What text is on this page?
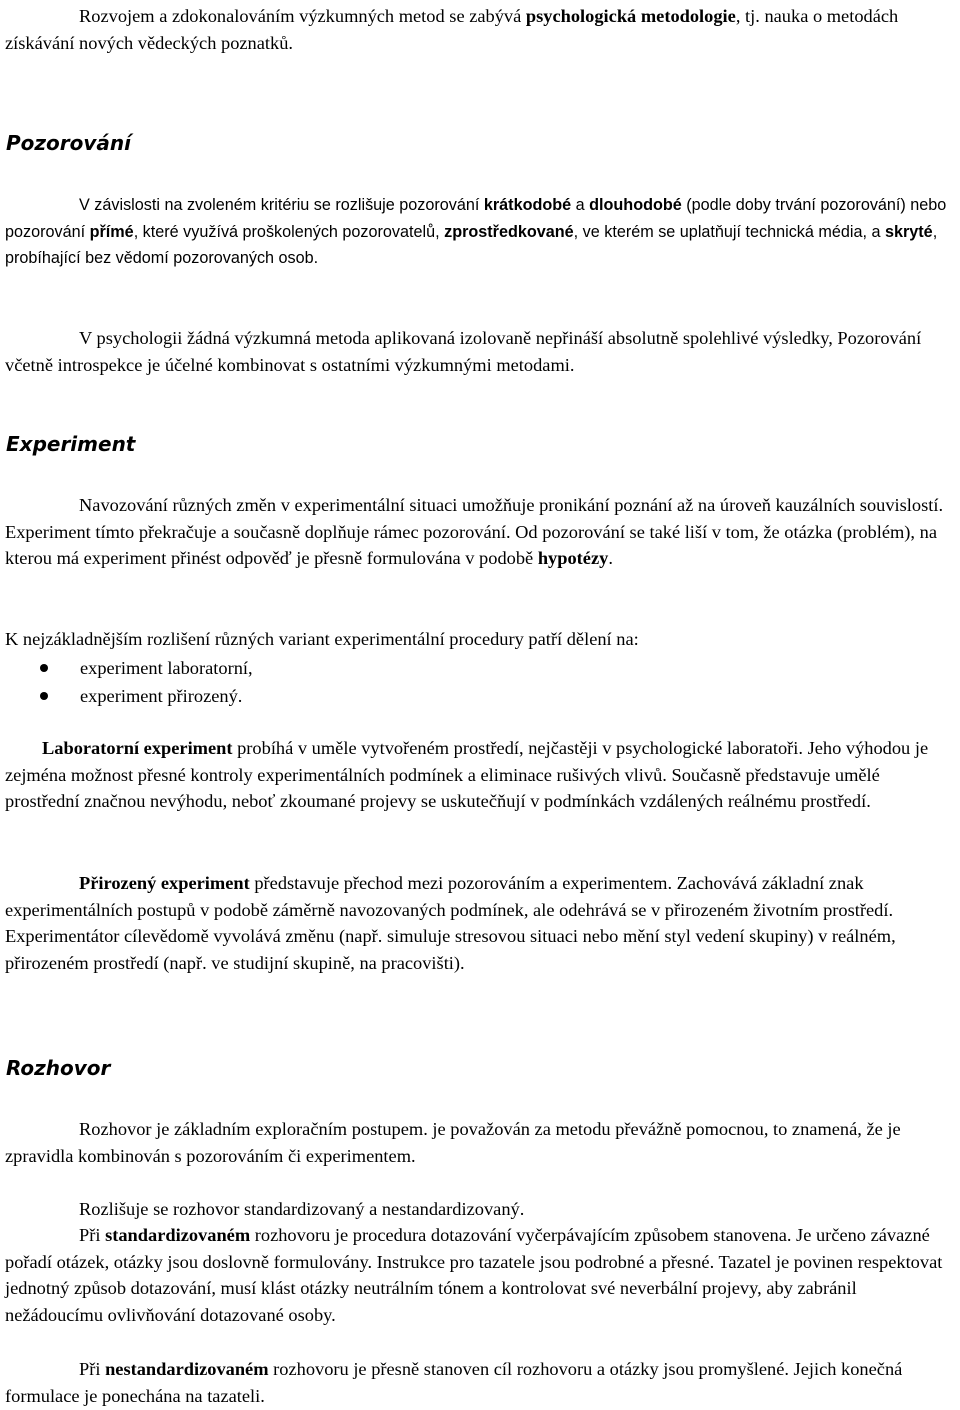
Rozvojem a zdokonalováním výzkumných metod se zabývá psychologická metodologie, tj. nauka o metodách získávání nových vědeckých poznatků.

Pozorování

V závislosti na zvoleném kritériu se rozlišuje pozorování krátkodobé a dlouhodobé (podle doby trvání pozorování) nebo pozorování přímé, které využívá proškolených pozorovatelů, zprostředkované, ve kterém se uplatňují technická média, a skryté, probíhající bez vědomí pozorovaných osob.

V psychologii žádná výzkumná metoda aplikovaná izolovaně nepřináší absolutně spolehlivé výsledky, Pozorování včetně introspekce je účelné kombinovat s ostatními výzkumnými metodami.

Experiment

Navozování různých změn v experimentální situaci umožňuje pronikání poznání až na úroveň kauzálních souvislostí. Experiment tímto překračuje a současně doplňuje rámec pozorování. Od pozorování se také liší v tom, že otázka (problém), na kterou má experiment přinést odpověď je přesně formulována v podobě hypotézy.

K nejzákladnějším rozlišení různých variant experimentální procedury patří dělení na:

experiment laboratorní,
experiment přirozený.

Laboratorní experiment probíhá v uměle vytvořeném prostředí, nejčastěji v psychologické laboratoři. Jeho výhodou je zejména možnost přesné kontroly experimentálních podmínek a eliminace rušivých vlivů. Současně představuje umělé prostřední značnou nevýhodu, neboť zkoumané projevy se uskutečňují v podmínkách vzdálených reálnému prostředí.

Přirozený experiment představuje přechod mezi pozorováním a experimentem. Zachovává základní znak experimentálních postupů v podobě záměrně navozovaných podmínek, ale odehrává se v přirozeném životním prostředí. Experimentátor cílevědomě vyvolává změnu (např. simuluje stresovou situaci nebo mění styl vedení skupiny) v reálném, přirozeném prostředí (např. ve studijní skupině, na pracovišti).

Rozhovor

Rozhovor je základním exploračním postupem. je považován za metodu převážně pomocnou, to znamená, že je zpravidla kombinován s pozorováním či experimentem.

Rozlišuje se rozhovor standardizovaný a nestandardizovaný.

Při standardizovaném rozhovoru je procedura dotazování vyčerpávajícím způsobem stanovena. Je určeno závazné pořadí otázek, otázky jsou doslovně formulovány. Instrukce pro tazatele jsou podrobné a přesné. Tazatel je povinen respektovat jednotný způsob dotazování, musí klást otázky neutrálním tónem a kontrolovat své neverbální projevy, aby zabránil nežádoucímu ovlivňování dotazované osoby.

Při nestandardizovaném rozhovoru je přesně stanoven cíl rozhovoru a otázky jsou promyšlené. Jejich konečná formulace je ponechána na tazateli.
